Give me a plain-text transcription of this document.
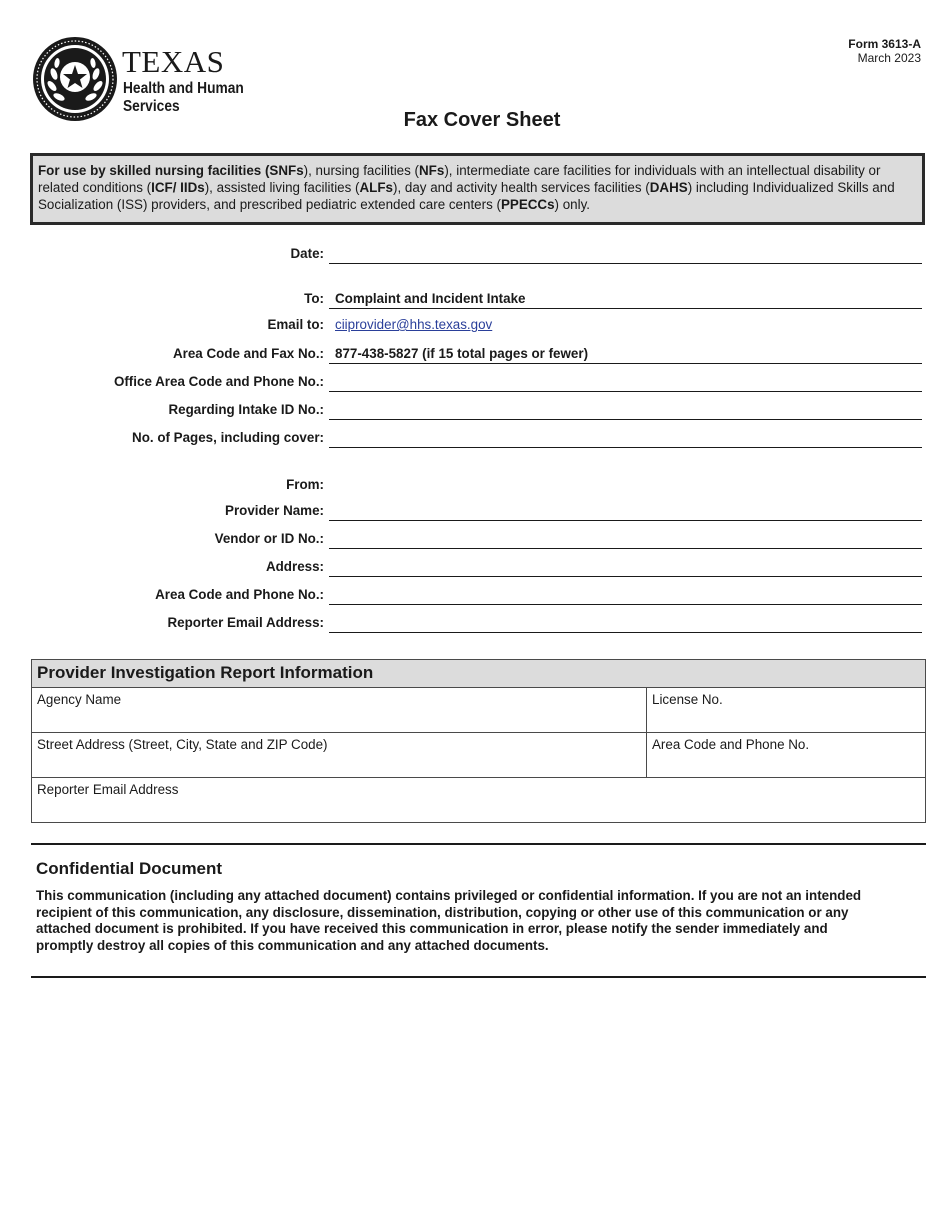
TEXAS
Health and Human Services
Form 3613-A
March 2023
Fax Cover Sheet
For use by skilled nursing facilities (SNFs), nursing facilities (NFs), intermediate care facilities for individuals with an intellectual disability or related conditions (ICF/ IIDs), assisted living facilities (ALFs), day and activity health services facilities (DAHS) including Individualized Skills and Socialization (ISS) providers, and prescribed pediatric extended care centers (PPECCs) only.
Date:
To: Complaint and Incident Intake
Email to: ciiprovider@hhs.texas.gov
Area Code and Fax No.: 877-438-5827 (if 15 total pages or fewer)
Office Area Code and Phone No.:
Regarding Intake ID No.:
No. of Pages, including cover:
From:
Provider Name:
Vendor or ID No.:
Address:
Area Code and Phone No.:
Reporter Email Address:
Provider Investigation Report Information
Agency Name	License No.
Street Address (Street, City, State and ZIP Code)	Area Code and Phone No.
Reporter Email Address
Confidential Document
This communication (including any attached document) contains privileged or confidential information. If you are not an intended recipient of this communication, any disclosure, dissemination, distribution, copying or other use of this communication or any attached document is prohibited. If you have received this communication in error, please notify the sender immediately and promptly destroy all copies of this communication and any attached documents.
